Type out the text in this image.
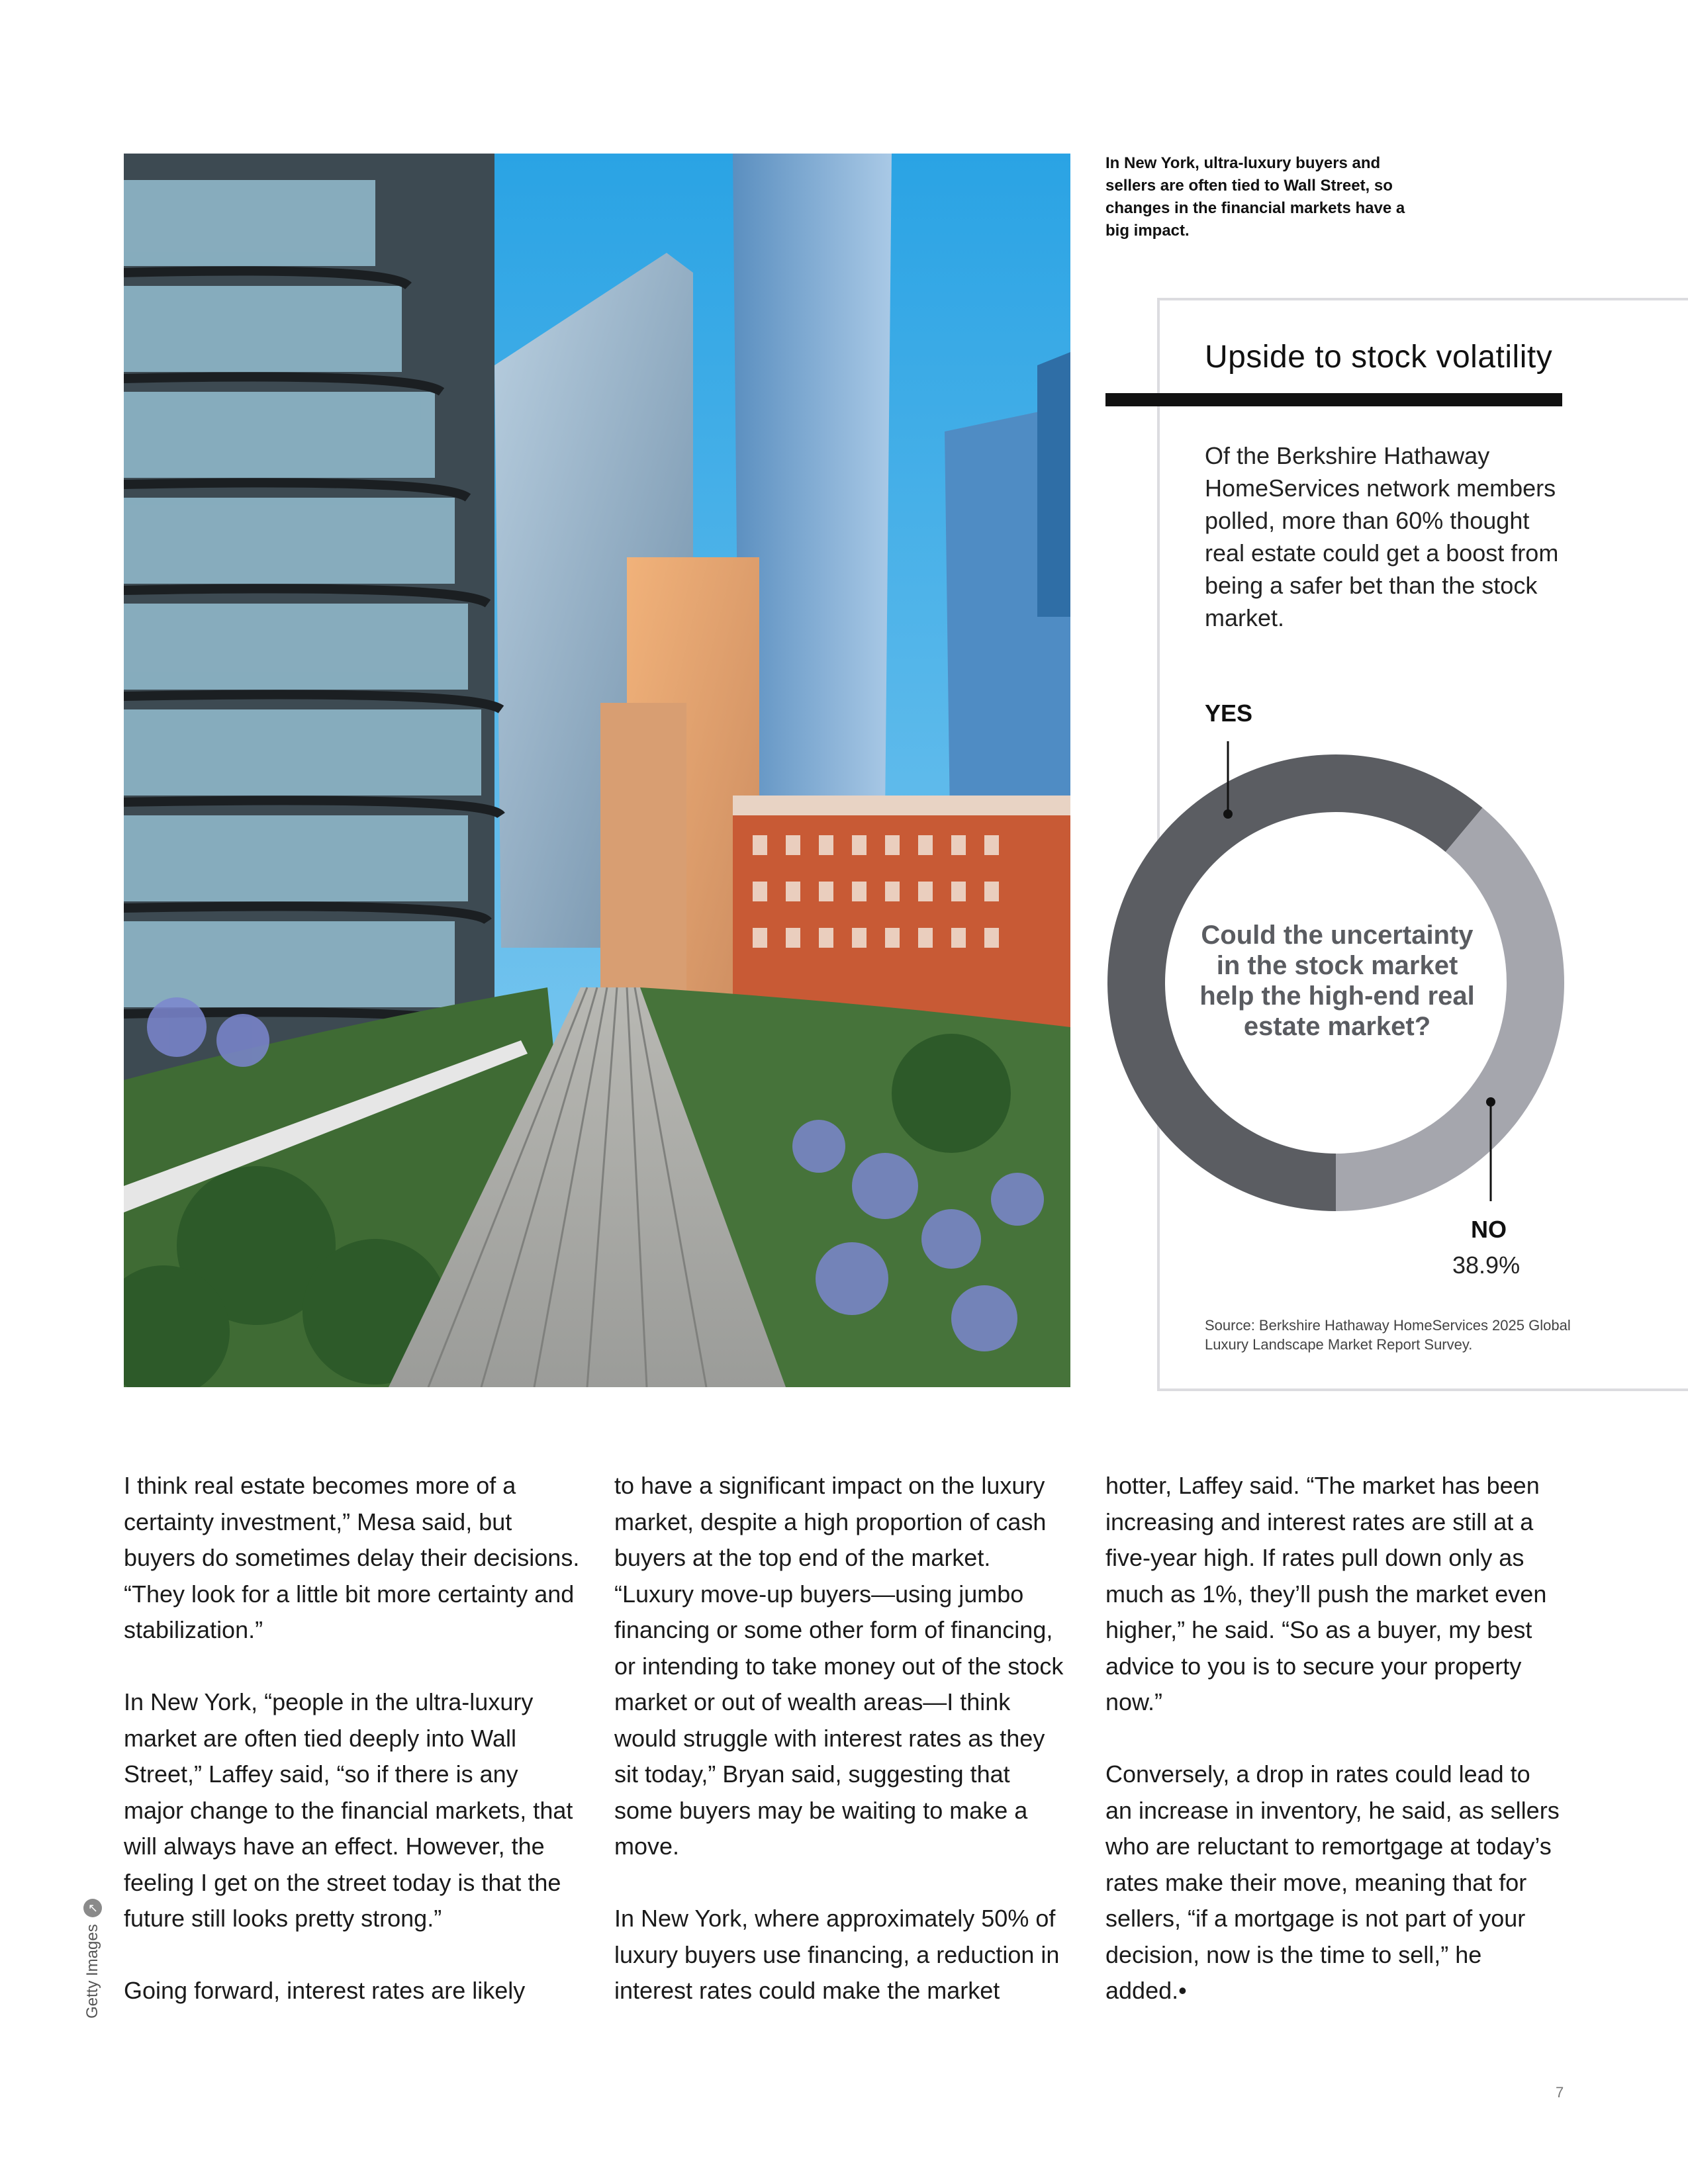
In New York, ultra-luxury buyers and sellers are often tied to Wall Street, so changes in the financial markets have a big impact.
Upside to stock volatility
Of the Berkshire Hathaway HomeServices network members polled, more than 60% thought real estate could get a boost from being a safer bet than the stock market.
YES
Could the uncertainty in the stock market help the high-end real estate market?
NO
38.9%
Source: Berkshire Hathaway HomeServices 2025 Global Luxury Landscape Market Report Survey.

I think real estate becomes more of a certainty investment,” Mesa said, but buyers do sometimes delay their decisions. “They look for a little bit more certainty and stabilization.”

In New York, “people in the ultra-luxury market are often tied deeply into Wall Street,” Laffey said, “so if there is any major change to the financial markets, that will always have an effect. However, the feeling I get on the street today is that the future still looks pretty strong.”

Going forward, interest rates are likely

to have a significant impact on the luxury market, despite a high proportion of cash buyers at the top end of the market. “Luxury move-up buyers—using jumbo financing or some other form of financing, or intending to take money out of the stock market or out of wealth areas—I think would struggle with interest rates as they sit today,” Bryan said, suggesting that some buyers may be waiting to make a move.

In New York, where approximately 50% of luxury buyers use financing, a reduction in interest rates could make the market

hotter, Laffey said. “The market has been increasing and interest rates are still at a five-year high. If rates pull down only as much as 1%, they’ll push the market even higher,” he said. “So as a buyer, my best advice to you is to secure your property now.”

Conversely, a drop in rates could lead to an increase in inventory, he said, as sellers who are reluctant to remortgage at today’s rates make their move, meaning that for sellers, “if a mortgage is not part of your decision, now is the time to sell,” he added.•

Getty Images
↗
7
